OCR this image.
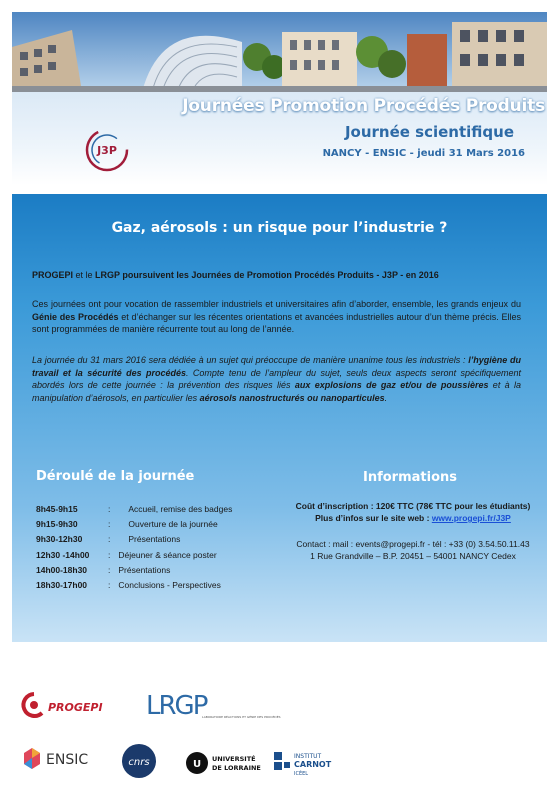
Journées Promotion Procédés Produits
Journée scientifique
NANCY - ENSIC - jeudi 31 Mars 2016
J3P
Gaz, aérosols : un risque pour l’industrie ?
PROGEPI et le LRGP poursuivent les Journées de Promotion Procédés Produits - J3P - en 2016
Ces journées ont pour vocation de rassembler industriels et universitaires afin d’aborder, ensemble, les grands enjeux du Génie des Procédés et d’échanger sur les récentes orientations et avancées industrielles autour d’un thème précis. Elles sont programmées de manière récurrente tout au long de l’année.
La journée du 31 mars 2016 sera dédiée à un sujet qui préoccupe de manière unanime tous les industriels : l’hygiène du travail et la sécurité des procédés. Compte tenu de l’ampleur du sujet, seuls deux aspects seront spécifiquement abordés lors de cette journée : la prévention des risques liés aux explosions de gaz et/ou de poussières et à la manipulation d’aérosols, en particulier les aérosols nanostructurés ou nanoparticules.
Déroulé de la journée	Informations
8h45-9h15	: Accueil, remise des badges
9h15-9h30	: Ouverture de la journée
9h30-12h30	: Présentations
12h30 -14h00 : Déjeuner & séance poster
14h00-18h30 : Présentations
18h30-17h00 : Conclusions - Perspectives
Coût d’inscription : 120€ TTC (78€ TTC pour les étudiants)
Plus d’infos sur le site web : www.progepi.fr/J3P
Contact : mail : events@progepi.fr - tél : +33 (0) 3.54.50.11.43
1 Rue Grandville – B.P. 20451 – 54001 NANCY Cedex
PROGEPI LRGP
LABORATOIRE RÉACTIONS ET GÉNIE DES PROCÉDÉS
ENSIC	cnrs	U UNIVERSITÉ
DE LORRAINE
INSTITUT
CARNOT
ICÉEL
